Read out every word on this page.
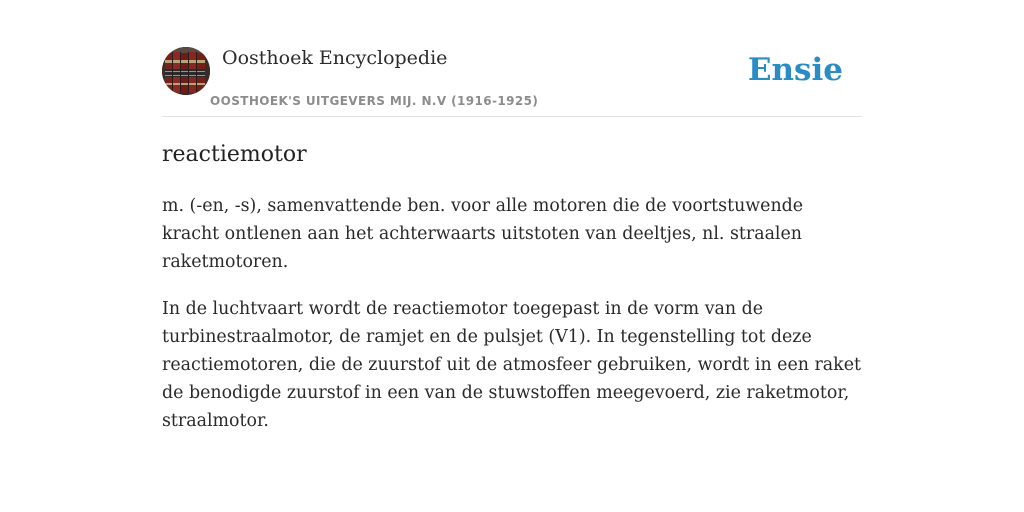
Oosthoek Encyclopedie
OOSTHOEK'S UITGEVERS MIJ. N.V (1916-1925)
Ensie
reactiemotor

m. (-en, -s), samenvattende ben. voor alle motoren die de voortstuwende kracht ontlenen aan het achterwaarts uitstoten van deeltjes, nl. straalen raketmotoren.

In de luchtvaart wordt de reactiemotor toegepast in de vorm van de turbinestraalmotor, de ramjet en de pulsjet (V1). In tegenstelling tot deze reactiemotoren, die de zuurstof uit de atmosfeer gebruiken, wordt in een raket de benodigde zuurstof in een van de stuwstoffen meegevoerd, zie raketmotor, straalmotor.
